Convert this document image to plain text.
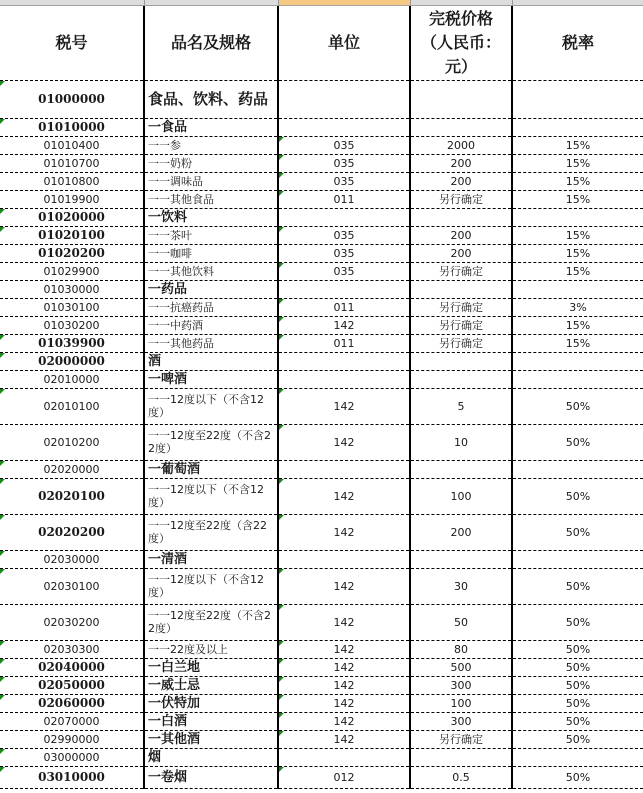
税号	品名及规格	单位	完税价格（人民币：元）	税率
01000000	食品、饮料、药品			
01010000	一食品			
01010400	一一参	035	2000	15%
01010700	一一奶粉	035	200	15%
01010800	一一调味品	035	200	15%
01019900	一一其他食品	011	另行确定	15%
01020000	一饮料			
01020100	一一茶叶	035	200	15%
01020200	一一咖啡	035	200	15%
01029900	一一其他饮料	035	另行确定	15%
01030000	一药品			
01030100	一一抗癌药品	011	另行确定	3%
01030200	一一中药酒	142	另行确定	15%
01039900	一一其他药品	011	另行确定	15%
02000000	酒			
02010000	一啤酒			
02010100	一一12度以下（不含12度）	142	5	50%
02010200	一一12度至22度（不含22度）	142	10	50%
02020000	一葡萄酒			
02020100	一一12度以下（不含12度）	142	100	50%
02020200	一一12度至22度（含22度）	142	200	50%
02030000	一清酒			
02030100	一一12度以下（不含12度）	142	30	50%
02030200	一一12度至22度（不含22度）	142	50	50%
02030300	一一22度及以上	142	80	50%
02040000	一白兰地	142	500	50%
02050000	一威士忌	142	300	50%
02060000	一伏特加	142	100	50%
02070000	一白酒	142	300	50%
02990000	一其他酒	142	另行确定	50%
03000000	烟			
03010000	一卷烟	012	0.5	50%
